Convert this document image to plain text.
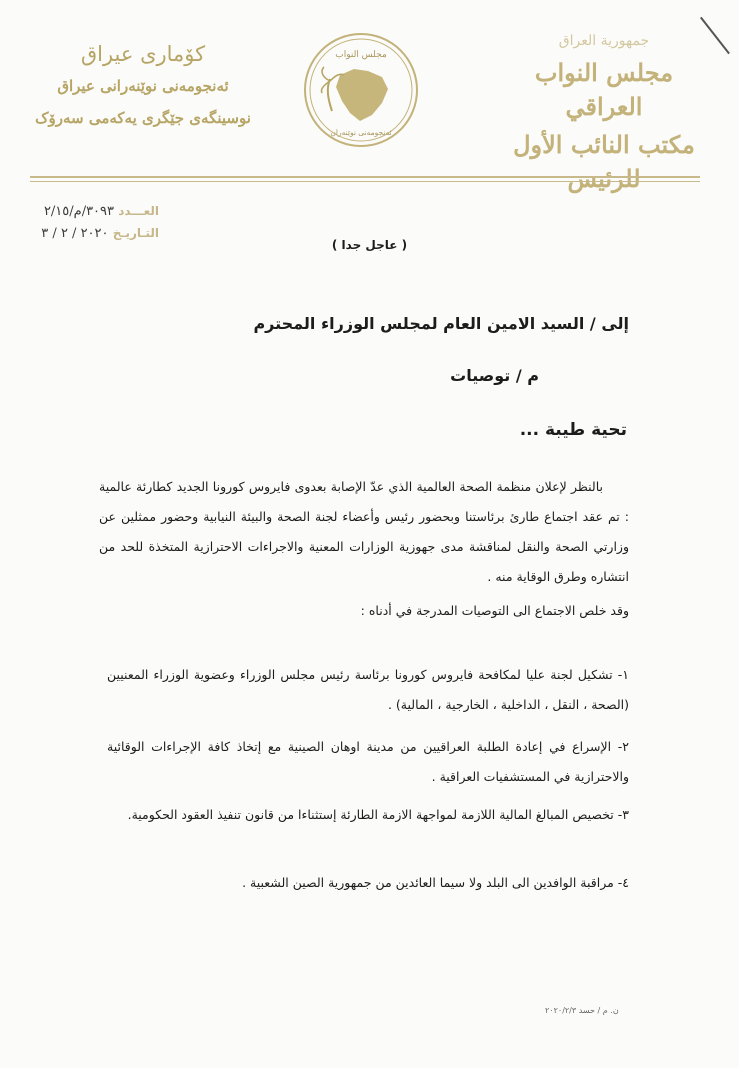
کۆماری عیراق
ئەنجومەنی نوێنەرانی عیراق
نوسینگەی جێگری یەکەمی سەرۆک
مجلس النواب
ئەنجومەنی نوێنەران
جمهورية العراق
مجلس النواب العراقي
مكتب النائب الأول للرئيس
العـــدد ٣٠٩٣/م/٢/١٥
التـاريـخ ٢٠٢٠ / ٢ / ٣
( عاجل جدا )
إلى / السيد الامين العام لمجلس الوزراء المحترم
م / توصيات
تحية طيبة ...
بالنظر لإعلان منظمة الصحة العالمية الذي عدّ الإصابة بعدوى فايروس كورونا الجديد كطارئة عالمية : تم عقد اجتماع طارئ برئاستنا وبحضور رئيس وأعضاء لجنة الصحة والبيئة النيابية وحضور ممثلين عن وزارتي الصحة والنقل لمناقشة مدى جهوزية الوزارات المعنية والاجراءات الاحترازية المتخذة للحد من انتشاره وطرق الوقاية منه .
وقد خلص الاجتماع الى التوصيات المدرجة في أدناه :
١- تشكيل لجنة عليا لمكافحة فايروس كورونا برئاسة رئيس مجلس الوزراء وعضوية الوزراء المعنيين (الصحة ، النقل ، الداخلية ، الخارجية ، المالية) .
٢- الإسراع في إعادة الطلبة العراقيين من مدينة اوهان الصينية مع إتخاذ كافة الإجراءات الوقائية والاحترازية في المستشفيات العراقية .
٣- تخصيص المبالغ المالية اللازمة لمواجهة الازمة الطارئة إستثناءا من قانون تنفيذ العقود الحكومية.
٤- مراقبة الوافدين الى البلد ولا سيما العائدين من جمهورية الصين الشعبية .
ن. م / حسد ٢٠٢٠/٢/٣
